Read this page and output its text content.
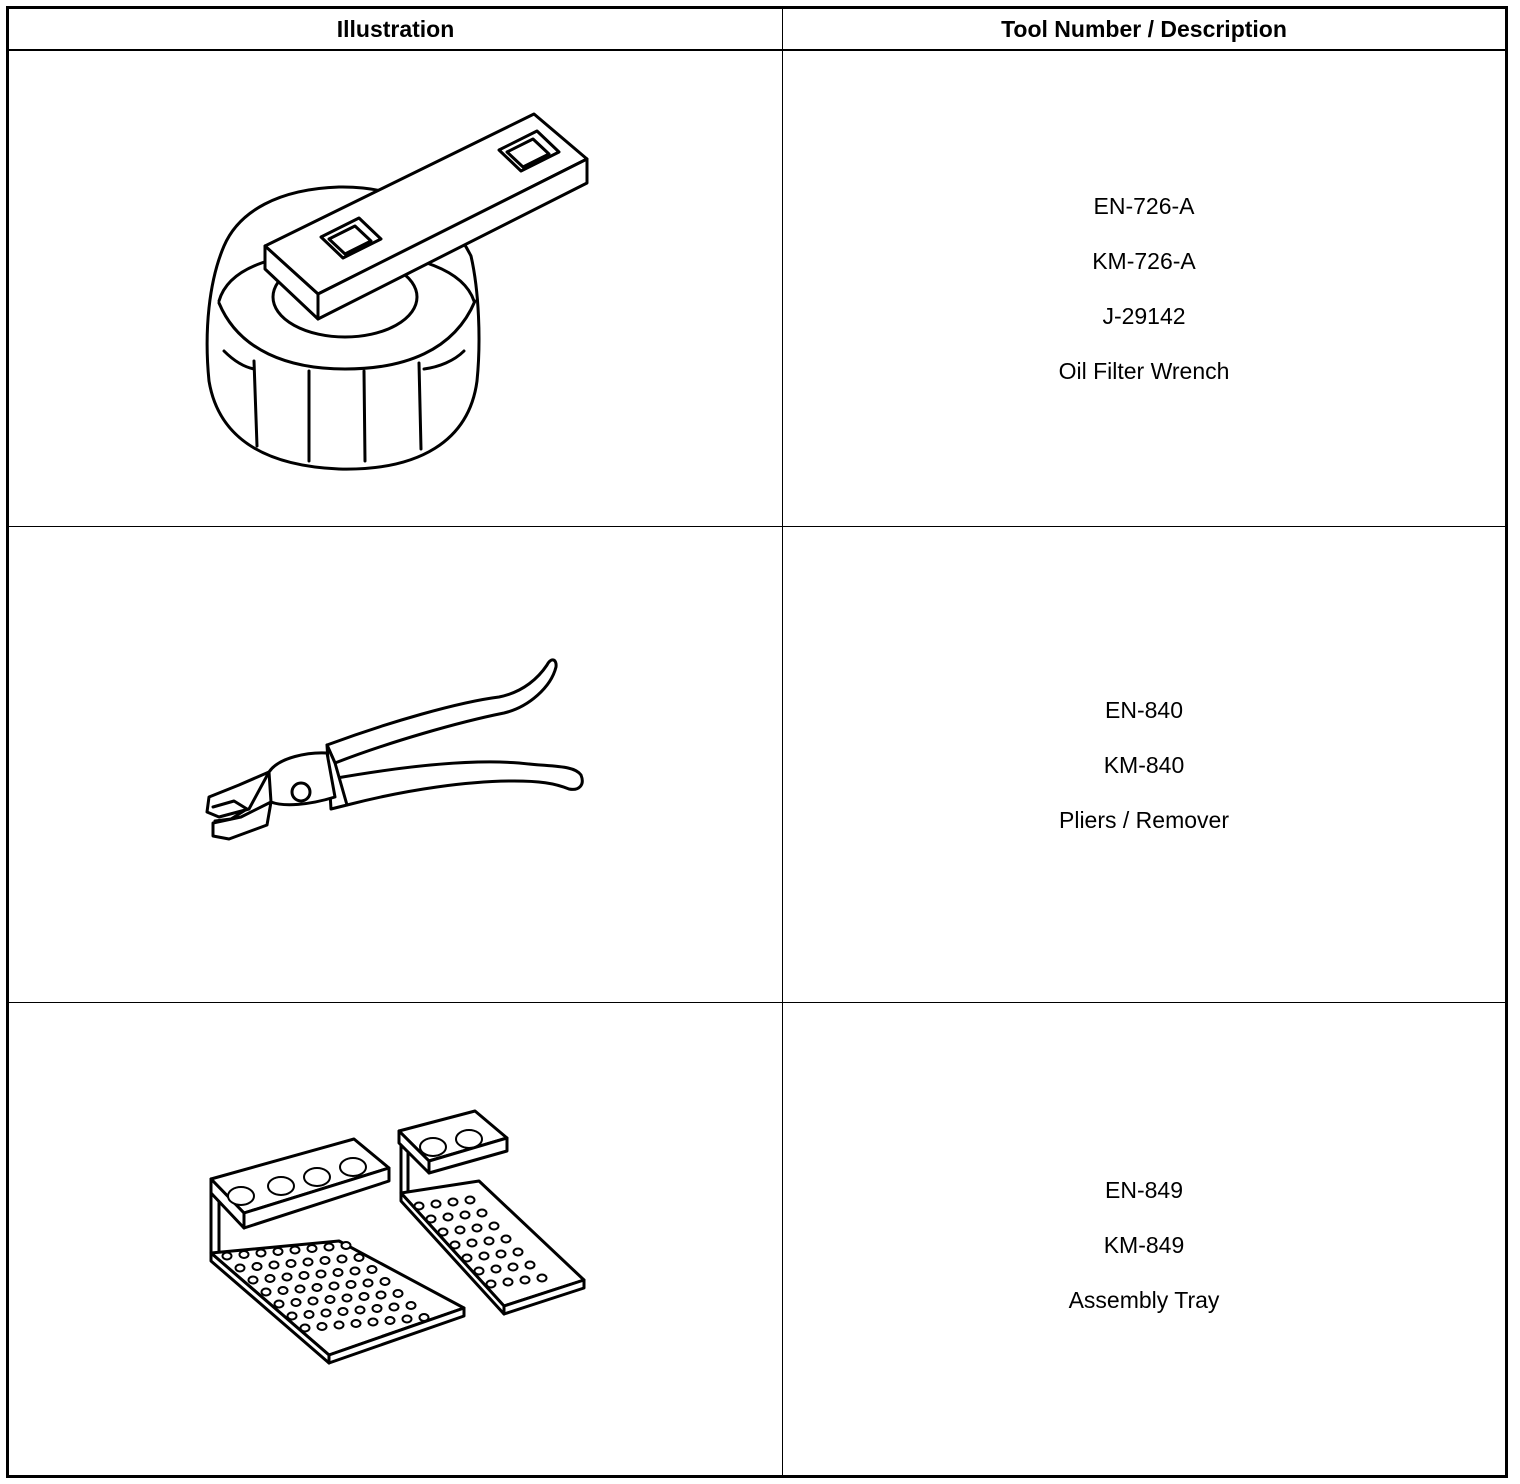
Illustration	Tool Number / Description
EN-726-A
KM-726-A
J-29142
Oil Filter Wrench
EN-840
KM-840
Pliers / Remover
EN-849
KM-849
Assembly Tray
